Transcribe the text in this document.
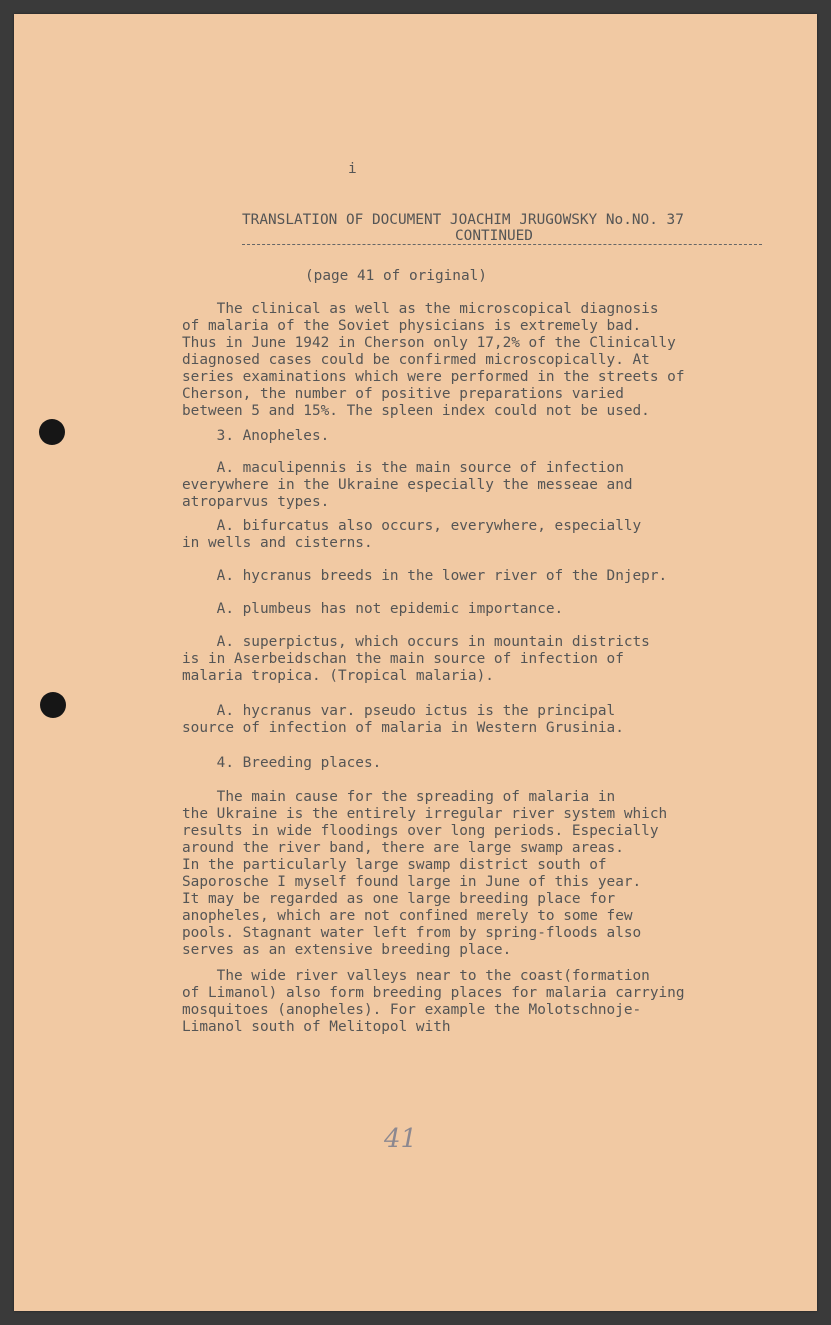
i
TRANSLATION OF DOCUMENT JOACHIM JRUGOWSKY No.NO. 37
CONTINUED
(page 41 of original)
The clinical as well as the microscopical diagnosis
of malaria of the Soviet physicians is extremely bad.
Thus in June 1942 in Cherson only 17,2% of the Clinically
diagnosed cases could be confirmed microscopically. At
series examinations which were performed in the streets of
Cherson, the number of positive preparations varied
between 5 and 15%. The spleen index could not be used.
3. Anopheles.
A. maculipennis is the main source of infection
everywhere in the Ukraine especially the messeae and
atroparvus types.
A. bifurcatus also occurs, everywhere, especially
in wells and cisterns.
A. hycranus breeds in the lower river of the Dnjepr.
A. plumbeus has not epidemic importance.
A. superpictus, which occurs in mountain districts
is in Aserbeidschan the main source of infection of
malaria tropica. (Tropical malaria).
A. hycranus var. pseudo ictus is the principal
source of infection of malaria in Western Grusinia.
4. Breeding places.
The main cause for the spreading of malaria in
the Ukraine is the entirely irregular river system which
results in wide floodings over long periods. Especially
around the river band, there are large swamp areas.
In the particularly large swamp district south of
Saporosche I myself found large in June of this year.
It may be regarded as one large breeding place for
anopheles, which are not confined merely to some few
pools. Stagnant water left from by spring-floods also
serves as an extensive breeding place.
The wide river valleys near to the coast(formation
of Limanol) also form breeding places for malaria carrying
mosquitoes (anopheles). For example the Molotschnoje-
Limanol south of Melitopol with
41
